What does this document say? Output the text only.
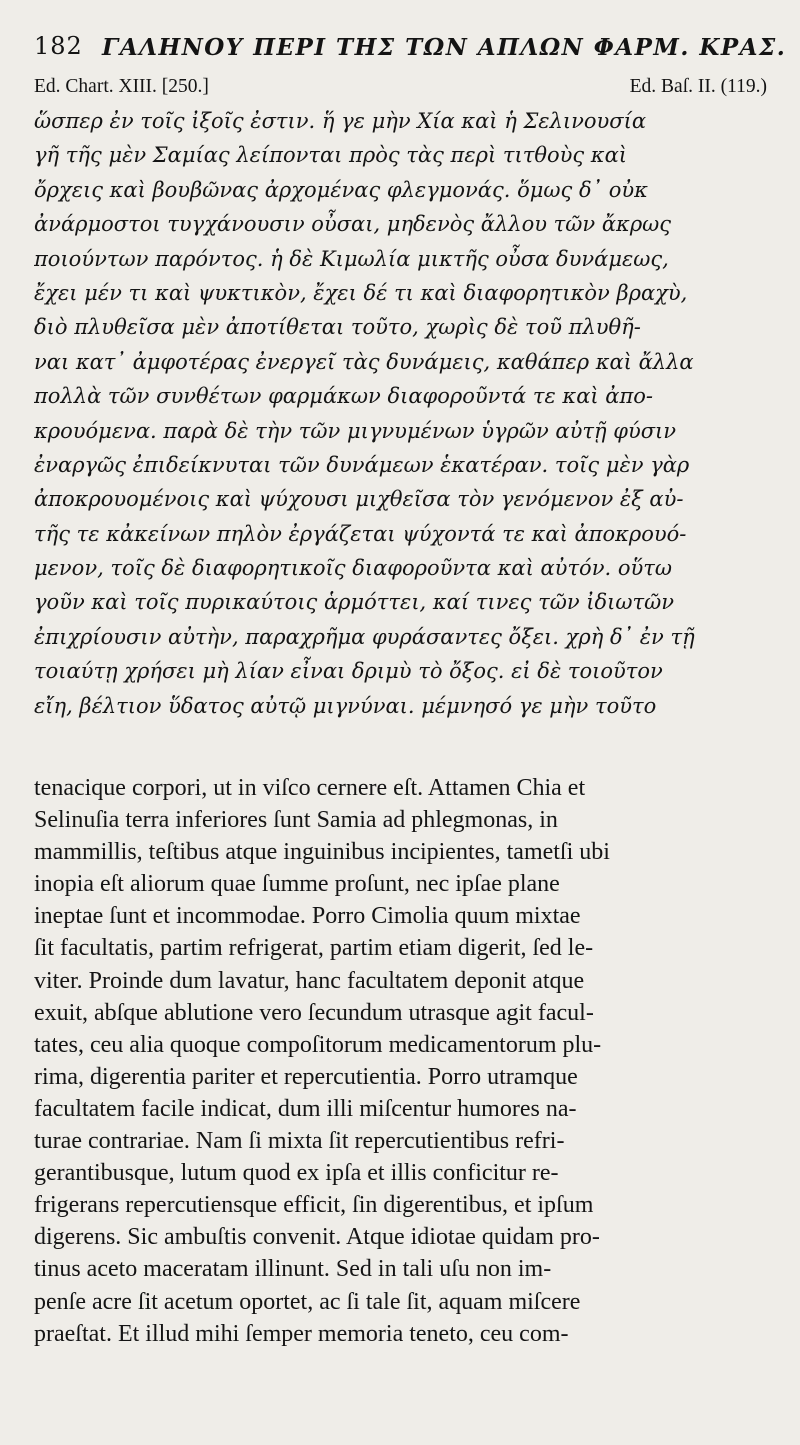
182 ΓΑΛΗΝΟΥ ΠΕΡΙ ΤΗΣ ΤΩΝ ΑΠΛΩΝ ΦΑΡΜ. ΚΡΑΣ.
Ed. Chart. XIII. [250.]	Ed. Baſ. II. (119.)
ὥσπερ ἐν τοῖς ἰξοῖς ἐστιν. ἥ γε μὴν Χία καὶ ἡ Σελινουσία
γῆ τῆς μὲν Σαμίας λείπονται πρὸς τὰς περὶ τιτθοὺς καὶ
ὄρχεις καὶ βουβῶνας ἀρχομένας φλεγμονάς. ὅμως δ᾽ οὐκ
ἀνάρμοστοι τυγχάνουσιν οὖσαι, μηδενὸς ἄλλου τῶν ἄκρως
ποιούντων παρόντος. ἡ δὲ Κιμωλία μικτῆς οὖσα δυνάμεως,
ἔχει μέν τι καὶ ψυκτικὸν, ἔχει δέ τι καὶ διαφορητικὸν βραχὺ,
διὸ πλυθεῖσα μὲν ἀποτίθεται τοῦτο, χωρὶς δὲ τοῦ πλυθῆ-
ναι κατ᾽ ἀμφοτέρας ἐνεργεῖ τὰς δυνάμεις, καθάπερ καὶ ἄλλα
πολλὰ τῶν συνθέτων φαρμάκων διαφοροῦντά τε καὶ ἀπο-
κρουόμενα. παρὰ δὲ τὴν τῶν μιγνυμένων ὑγρῶν αὐτῇ φύσιν
ἐναργῶς ἐπιδείκνυται τῶν δυνάμεων ἑκατέραν. τοῖς μὲν γὰρ
ἀποκρουομένοις καὶ ψύχουσι μιχθεῖσα τὸν γενόμενον ἐξ αὐ-
τῆς τε κἀκείνων πηλὸν ἐργάζεται ψύχοντά τε καὶ ἀποκρουό-
μενον, τοῖς δὲ διαφορητικοῖς διαφοροῦντα καὶ αὐτόν. οὕτω
γοῦν καὶ τοῖς πυρικαύτοις ἁρμόττει, καί τινες τῶν ἰδιωτῶν
ἐπιχρίουσιν αὐτὴν, παραχρῆμα φυράσαντες ὄξει. χρὴ δ᾽ ἐν τῇ
τοιαύτῃ χρήσει μὴ λίαν εἶναι δριμὺ τὸ ὄξος. εἰ δὲ τοιοῦτον
εἴη, βέλτιον ὕδατος αὐτῷ μιγνύναι. μέμνησό γε μὴν τοῦτο
tenacique corpori, ut in viſco cernere eſt. Attamen Chia et
Selinuſia terra inferiores ſunt Samia ad phlegmonas, in
mammillis, teſtibus atque inguinibus incipientes, tametſi ubi
inopia eſt aliorum quae ſumme proſunt, nec ipſae plane
ineptae ſunt et incommodae. Porro Cimolia quum mixtae
ſit facultatis, partim refrigerat, partim etiam digerit, ſed le-
viter. Proinde dum lavatur, hanc facultatem deponit atque
exuit, abſque ablutione vero ſecundum utrasque agit facul-
tates, ceu alia quoque compoſitorum medicamentorum plu-
rima, digerentia pariter et repercutientia. Porro utramque
facultatem facile indicat, dum illi miſcentur humores na-
turae contrariae. Nam ſi mixta ſit repercutientibus refri-
gerantibusque, lutum quod ex ipſa et illis conficitur re-
frigerans repercutiensque efficit, ſin digerentibus, et ipſum
digerens. Sic ambuſtis convenit. Atque idiotae quidam pro-
tinus aceto maceratam illinunt. Sed in tali uſu non im-
penſe acre ſit acetum oportet, ac ſi tale ſit, aquam miſcere
praeſtat. Et illud mihi ſemper memoria teneto, ceu com-
